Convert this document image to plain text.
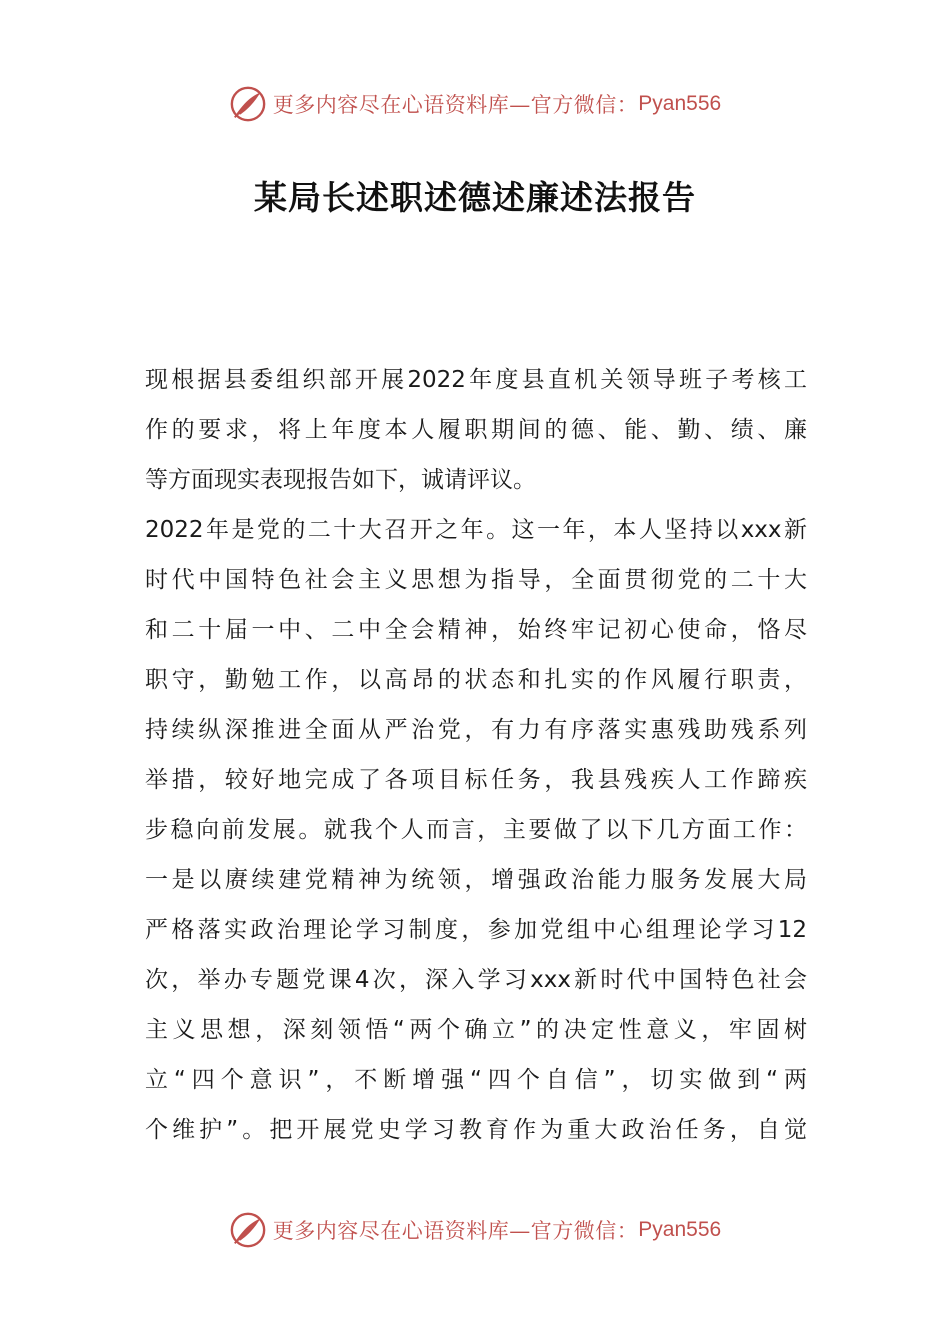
更多内容尽在心语资料库—官方微信： Pyan556
某局长述职述德述廉述法报告
现根据县委组织部开展2022年度县直机关领导班子考核工
作的要求，将上年度本人履职期间的德、能、勤、绩、廉
等方面现实表现报告如下，诚请评议。
2022年是党的二十大召开之年。这一年，本人坚持以xxx新
时代中国特色社会主义思想为指导，全面贯彻党的二十大
和二十届一中、二中全会精神，始终牢记初心使命，恪尽
职守，勤勉工作，以高昂的状态和扎实的作风履行职责，
持续纵深推进全面从严治党，有力有序落实惠残助残系列
举措，较好地完成了各项目标任务，我县残疾人工作蹄疾
步稳向前发展。就我个人而言，主要做了以下几方面工作：
一是以赓续建党精神为统领，增强政治能力服务发展大局
严格落实政治理论学习制度，参加党组中心组理论学习12
次，举办专题党课4次，深入学习xxx新时代中国特色社会
主义思想，深刻领悟“两个确立”的决定性意义，牢固树
立“四个意识”，不断增强“四个自信”，切实做到“两
个维护”。把开展党史学习教育作为重大政治任务，自觉
更多内容尽在心语资料库—官方微信： Pyan556
